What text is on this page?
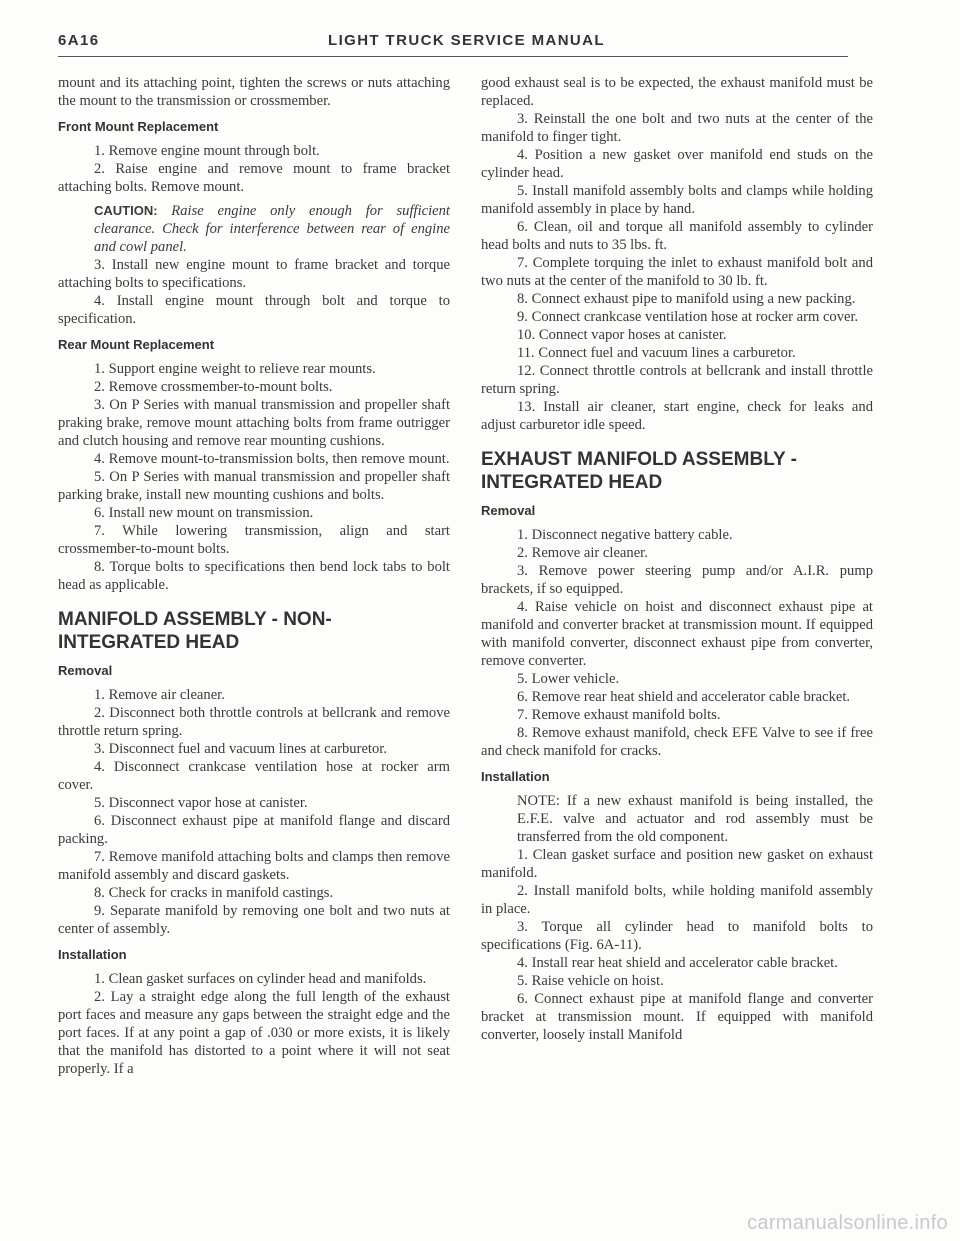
6A16	LIGHT TRUCK SERVICE MANUAL

mount and its attaching point, tighten the screws or nuts attaching the mount to the transmission or crossmember.

Front Mount Replacement

1. Remove engine mount through bolt.

2. Raise engine and remove mount to frame bracket attaching bolts. Remove mount.

CAUTION: Raise engine only enough for sufficient clearance. Check for interference between rear of engine and cowl panel.

3. Install new engine mount to frame bracket and torque attaching bolts to specifications.

4. Install engine mount through bolt and torque to specification.

Rear Mount Replacement

1. Support engine weight to relieve rear mounts.

2. Remove crossmember-to-mount bolts.

3. On P Series with manual transmission and propeller shaft praking brake, remove mount attaching bolts from frame outrigger and clutch housing and remove rear mounting cushions.

4. Remove mount-to-transmission bolts, then remove mount.

5. On P Series with manual transmission and propeller shaft parking brake, install new mounting cushions and bolts.

6. Install new mount on transmission.

7. While lowering transmission, align and start crossmember-to-mount bolts.

8. Torque bolts to specifications then bend lock tabs to bolt head as applicable.

MANIFOLD ASSEMBLY - NON-INTEGRATED HEAD
Removal

1. Remove air cleaner.

2. Disconnect both throttle controls at bellcrank and remove throttle return spring.

3. Disconnect fuel and vacuum lines at carburetor.

4. Disconnect crankcase ventilation hose at rocker arm cover.

5. Disconnect vapor hose at canister.

6. Disconnect exhaust pipe at manifold flange and discard packing.

7. Remove manifold attaching bolts and clamps then remove manifold assembly and discard gaskets.

8. Check for cracks in manifold castings.

9. Separate manifold by removing one bolt and two nuts at center of assembly.

Installation

1. Clean gasket surfaces on cylinder head and manifolds.

2. Lay a straight edge along the full length of the exhaust port faces and measure any gaps between the straight edge and the port faces. If at any point a gap of .030 or more exists, it is likely that the manifold has distorted to a point where it will not seat properly. If a

good exhaust seal is to be expected, the exhaust manifold must be replaced.

3. Reinstall the one bolt and two nuts at the center of the manifold to finger tight.

4. Position a new gasket over manifold end studs on the cylinder head.

5. Install manifold assembly bolts and clamps while holding manifold assembly in place by hand.

6. Clean, oil and torque all manifold assembly to cylinder head bolts and nuts to 35 lbs. ft.

7. Complete torquing the inlet to exhaust manifold bolt and two nuts at the center of the manifold to 30 lb. ft.

8. Connect exhaust pipe to manifold using a new packing.

9. Connect crankcase ventilation hose at rocker arm cover.

10. Connect vapor hoses at canister.

11. Connect fuel and vacuum lines a carburetor.

12. Connect throttle controls at bellcrank and install throttle return spring.

13. Install air cleaner, start engine, check for leaks and adjust carburetor idle speed.

EXHAUST MANIFOLD ASSEMBLY - INTEGRATED HEAD
Removal

1. Disconnect negative battery cable.

2. Remove air cleaner.

3. Remove power steering pump and/or A.I.R. pump brackets, if so equipped.

4. Raise vehicle on hoist and disconnect exhaust pipe at manifold and converter bracket at transmission mount. If equipped with manifold converter, disconnect exhaust pipe from converter, remove converter.

5. Lower vehicle.

6. Remove rear heat shield and accelerator cable bracket.

7. Remove exhaust manifold bolts.

8. Remove exhaust manifold, check EFE Valve to see if free and check manifold for cracks.

Installation

NOTE: If a new exhaust manifold is being installed, the E.F.E. valve and actuator and rod assembly must be transferred from the old component.

1. Clean gasket surface and position new gasket on exhaust manifold.

2. Install manifold bolts, while holding manifold assembly in place.

3. Torque all cylinder head to manifold bolts to specifications (Fig. 6A-11).

4. Install rear heat shield and accelerator cable bracket.

5. Raise vehicle on hoist.

6. Connect exhaust pipe at manifold flange and converter bracket at transmission mount. If equipped with manifold converter, loosely install Manifold

carmanualsonline.info
